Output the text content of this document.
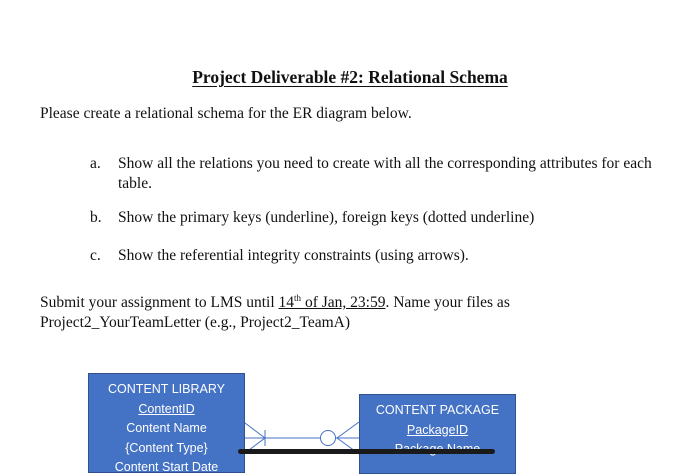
Project Deliverable #2: Relational Schema
Please create a relational schema for the ER diagram below.
a. Show all the relations you need to create with all the corresponding attributes for each table.
b. Show the primary keys (underline), foreign keys (dotted underline)
c. Show the referential integrity constraints (using arrows).
Submit your assignment to LMS until 14th of Jan, 23:59. Name your files as
Project2_YourTeamLetter (e.g., Project2_TeamA)
CONTENT LIBRARY
ContentID
Content Name
{Content Type}
Content Start Date
CONTENT PACKAGE
PackageID
